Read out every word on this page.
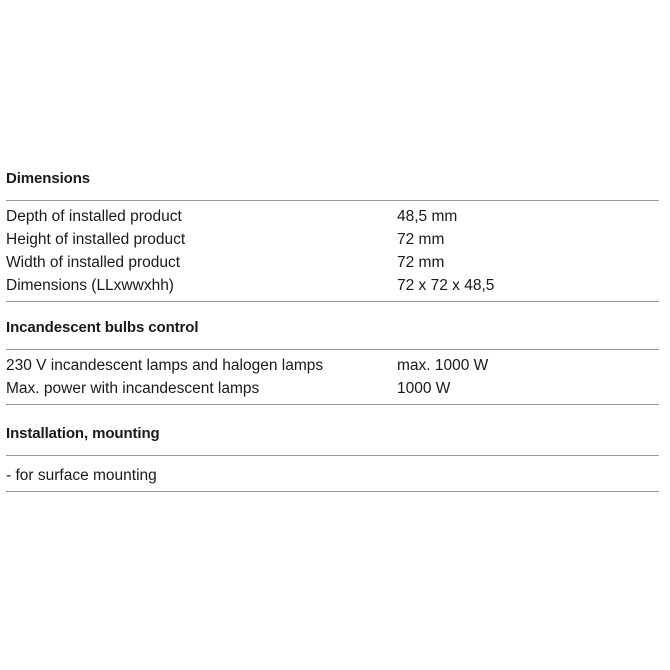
Dimensions
Depth of installed product	48,5 mm
Height of installed product	72 mm
Width of installed product	72 mm
Dimensions (LLxwwxhh)	72 x 72 x 48,5
Incandescent bulbs control
230 V incandescent lamps and halogen lamps	max. 1000 W
Max. power with incandescent lamps	1000 W
Installation, mounting
- for surface mounting
